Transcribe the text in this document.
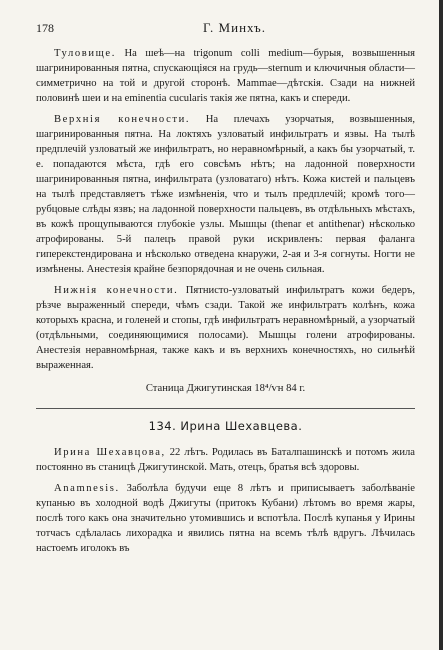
178	Г. Минхъ.

Туловище. На шеѣ—на trigonum colli medium—бурыя, возвышенныя шагринированныя пятна, спускающіяся на грудь—sternum и ключичныя области—симметрично на той и другой сторонѣ. Mammae—дѣтскія. Сзади на нижней половинѣ шеи и на eminentia cucularis такія же пятна, какъ и спереди.

Верхнія конечности. На плечахъ узорчатыя, возвышенныя, шагринированныя пятна. На локтяхъ узловатый инфильтратъ и язвы. На тылѣ предплечій узловатый же инфильтратъ, но неравномѣрный, а какъ бы узорчатый, т. е. попадаются мѣста, гдѣ его совсѣмъ нѣтъ; на ладонной поверхности шагринированныя пятна, инфильтрата (узловатаго) нѣтъ. Кожа кистей и пальцевъ на тылѣ представляетъ тѣже измѣненія, что и тылъ предплечій; кромѣ того—рубцовые слѣды язвъ; на ладонной поверхности пальцевъ, въ отдѣльныхъ мѣстахъ, въ кожѣ прощупываются глубокіе узлы. Мышцы (thenar et antithenar) нѣсколько атрофированы. 5-й палецъ правой руки искривленъ: первая фаланга гиперекстендирована и нѣсколько отведена кнаружи, 2-ая и 3-я согнуты. Ногти не измѣнены. Анестезія крайне безпорядочная и не очень сильная.

Нижнія конечности. Пятнисто-узловатый инфильтратъ кожи бедеръ, рѣзче выраженный спереди, чѣмъ сзади. Такой же инфильтратъ колѣнъ, кожа которыхъ красна, и голеней и стопы, гдѣ инфильтратъ неравномѣрный, а узорчатый (отдѣльными, соединяющимися полосами). Мышцы голени атрофированы. Анестезія неравномѣрная, также какъ и въ верхнихъ конечностяхъ, но сильнѣй выраженная.

Станица Джигутинская 18⁴/ѵн 84 г.

134. Ирина Шехавцева.

Ирина Шехавцова, 22 лѣтъ. Родилась въ Баталпашинскѣ и потомъ жила постоянно въ станицѣ Джигутинской. Мать, отецъ, братья всѣ здоровы.

Anamnesis. Заболѣла будучи еще 8 лѣтъ и приписываетъ заболѣваніе купанью въ холодной водѣ Джигуты (притокъ Кубани) лѣтомъ во время жары, послѣ того какъ она значительно утомившись и вспотѣла. Послѣ купанья у Ирины тотчасъ сдѣлалась лихорадка и явились пятна на всемъ тѣлѣ вдругъ. Лѣчилась настоемъ иголокъ въ
